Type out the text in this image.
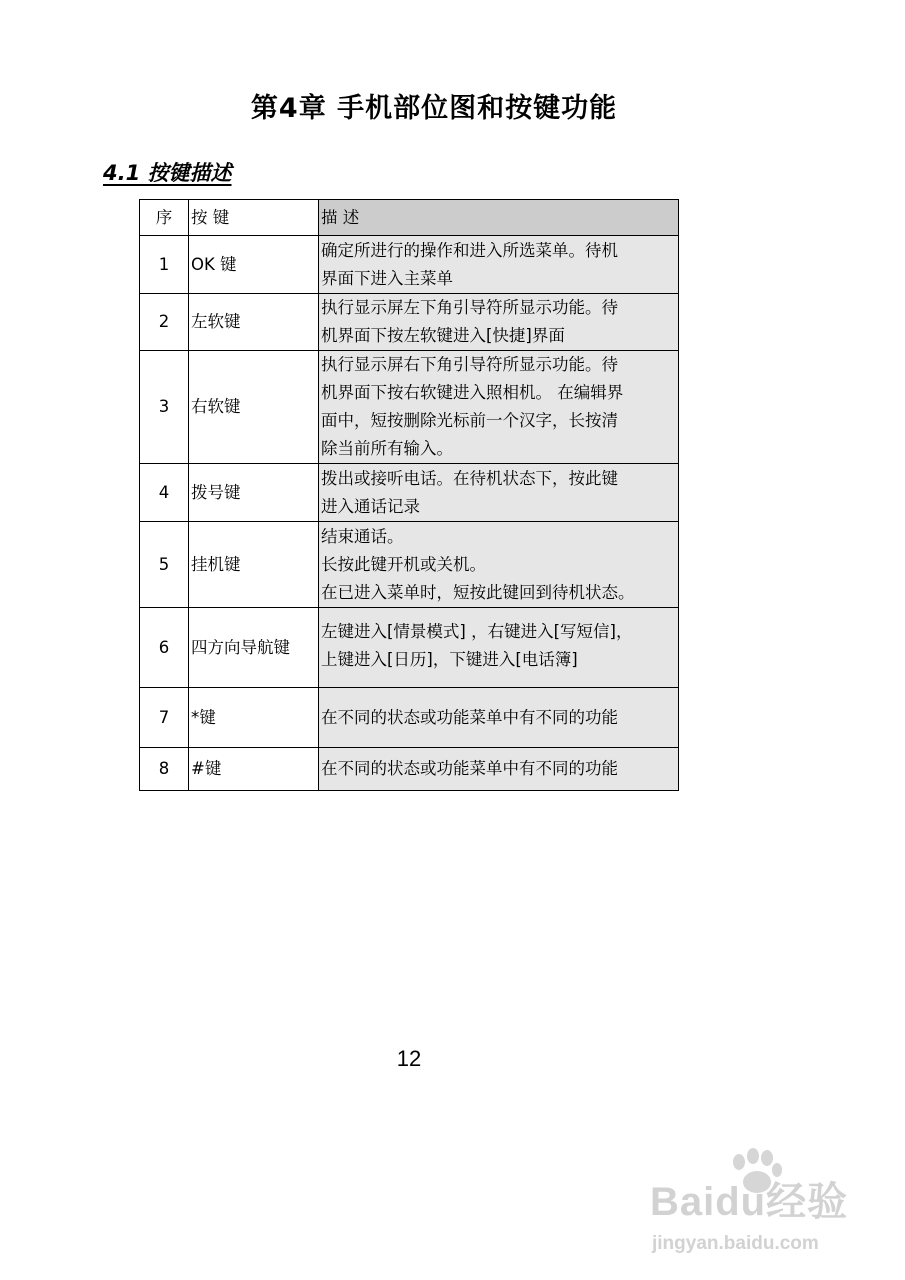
第4章 手机部位图和按键功能
4.1 按键描述
序	按 键	描 述
1	OK 键	确定所进行的操作和进入所选菜单。待机
界面下进入主菜单
2	左软键	执行显示屏左下角引导符所显示功能。待
机界面下按左软键进入[快捷]界面
3	右软键	执行显示屏右下角引导符所显示功能。待
机界面下按右软键进入照相机。 在编辑界
面中，短按删除光标前一个汉字，长按清
除当前所有输入。
4	拨号键	拨出或接听电话。在待机状态下，按此键
进入通话记录
5	挂机键	结束通话。
长按此键开机或关机。
在已进入菜单时，短按此键回到待机状态。
6	四方向导航键	左键进入[情景模式] ，右键进入[写短信]，
上键进入[日历]，下键进入[电话簿]
7	*键	在不同的状态或功能菜单中有不同的功能
8	#键	在不同的状态或功能菜单中有不同的功能
12
Baidu经验
jingyan.baidu.com
